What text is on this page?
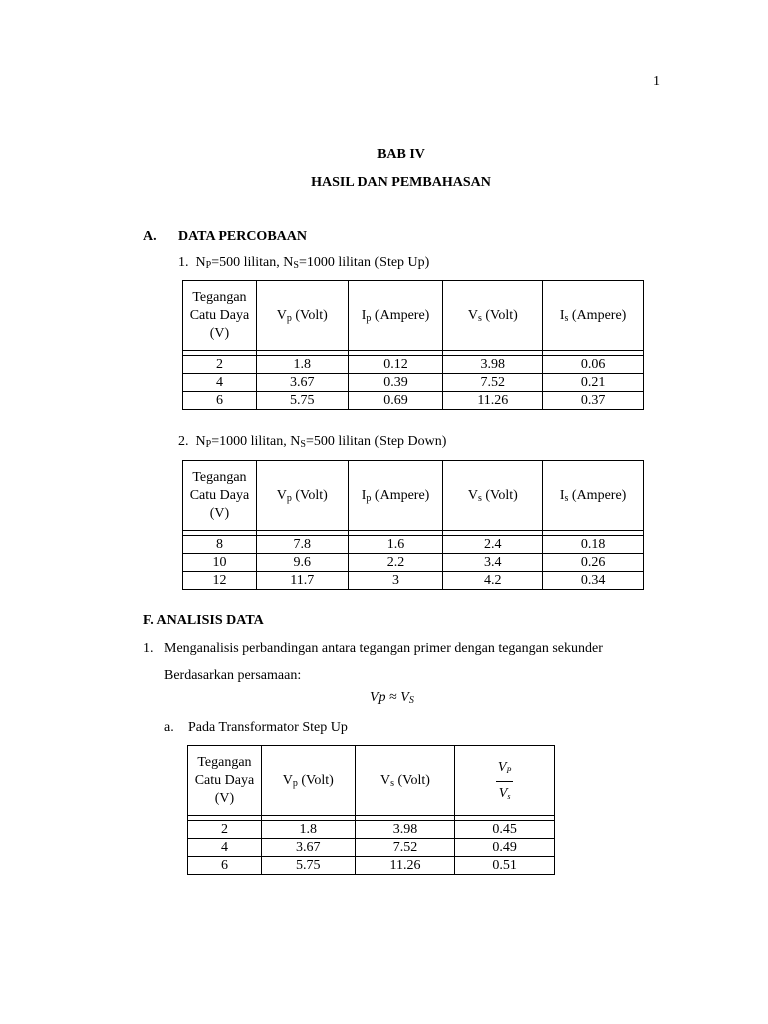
1
BAB IV
HASIL DAN PEMBAHASAN
A. DATA PERCOBAAN
1. $N_P=500$ lilitan, $N_S=1000$ lilitan (Step Up)
Tegangan
Catu Daya
(V)	$V_p$ (Volt)	$I_p$ (Ampere)	$V_s$ (Volt)	$I_s$ (Ampere)

2	1.8	0.12	3.98	0.06
4	3.67	0.39	7.52	0.21
6	5.75	0.69	11.26	0.37
2. $N_P=1000$ lilitan, $N_S=500$ lilitan (Step Down)
Tegangan
Catu Daya
(V)	$V_p$ (Volt)	$I_p$ (Ampere)	$V_s$ (Volt)	$I_s$ (Ampere)

8	7.8	1.6	2.4	0.18
10	9.6	2.2	3.4	0.26
12	11.7	3	4.2	0.34
F. ANALISIS DATA
1. Menganalisis perbandingan antara tegangan primer dengan tegangan sekunder
Berdasarkan persamaan:
$Vp \approx V_S$
a. Pada Transformator Step Up
Tegangan
Catu Daya
(V)	$V_p$ (Volt)	$V_s$ (Volt)	$\frac{V_P}{V_s}$

2	1.8	3.98	0.45
4	3.67	7.52	0.49
6	5.75	11.26	0.51
